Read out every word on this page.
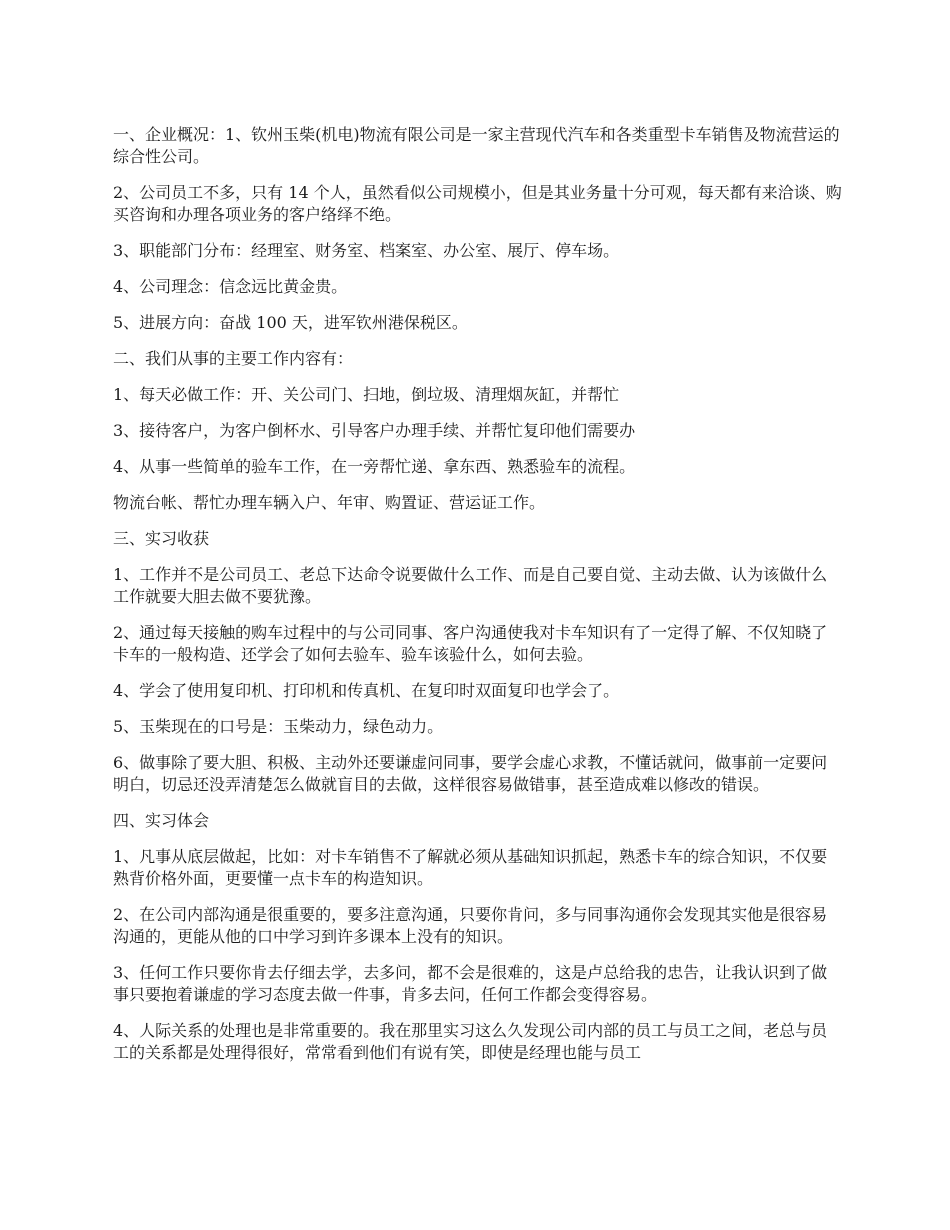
一、企业概况：1、钦州玉柴(机电)物流有限公司是一家主营现代汽车和各类重型卡车销售及物流营运的综合性公司。

2、公司员工不多，只有 14 个人，虽然看似公司规模小，但是其业务量十分可观，每天都有来洽谈、购买咨询和办理各项业务的客户络绎不绝。

3、职能部门分布：经理室、财务室、档案室、办公室、展厅、停车场。

4、公司理念：信念远比黄金贵。

5、进展方向：奋战 100 天，进军钦州港保税区。

二、我们从事的主要工作内容有：

1、每天必做工作：开、关公司门、扫地，倒垃圾、清理烟灰缸，并帮忙

3、接待客户，为客户倒杯水、引导客户办理手续、并帮忙复印他们需要办

4、从事一些简单的验车工作，在一旁帮忙递、拿东西、熟悉验车的流程。

物流台帐、帮忙办理车辆入户、年审、购置证、营运证工作。

三、实习收获

1、工作并不是公司员工、老总下达命令说要做什么工作、而是自己要自觉、主动去做、认为该做什么工作就要大胆去做不要犹豫。

2、通过每天接触的购车过程中的与公司同事、客户沟通使我对卡车知识有了一定得了解、不仅知晓了卡车的一般构造、还学会了如何去验车、验车该验什么，如何去验。

4、学会了使用复印机、打印机和传真机、在复印时双面复印也学会了。

5、玉柴现在的口号是：玉柴动力，绿色动力。

6、做事除了要大胆、积极、主动外还要谦虚问同事，要学会虚心求教，不懂话就问，做事前一定要问明白，切忌还没弄清楚怎么做就盲目的去做，这样很容易做错事，甚至造成难以修改的错误。

四、实习体会

1、凡事从底层做起，比如：对卡车销售不了解就必须从基础知识抓起，熟悉卡车的综合知识，不仅要熟背价格外面，更要懂一点卡车的构造知识。

2、在公司内部沟通是很重要的，要多注意沟通，只要你肯问，多与同事沟通你会发现其实他是很容易沟通的，更能从他的口中学习到许多课本上没有的知识。

3、任何工作只要你肯去仔细去学，去多问，都不会是很难的，这是卢总给我的忠告，让我认识到了做事只要抱着谦虚的学习态度去做一件事，肯多去问，任何工作都会变得容易。

4、人际关系的处理也是非常重要的。我在那里实习这么久发现公司内部的员工与员工之间，老总与员工的关系都是处理得很好，常常看到他们有说有笑，即使是经理也能与员工
